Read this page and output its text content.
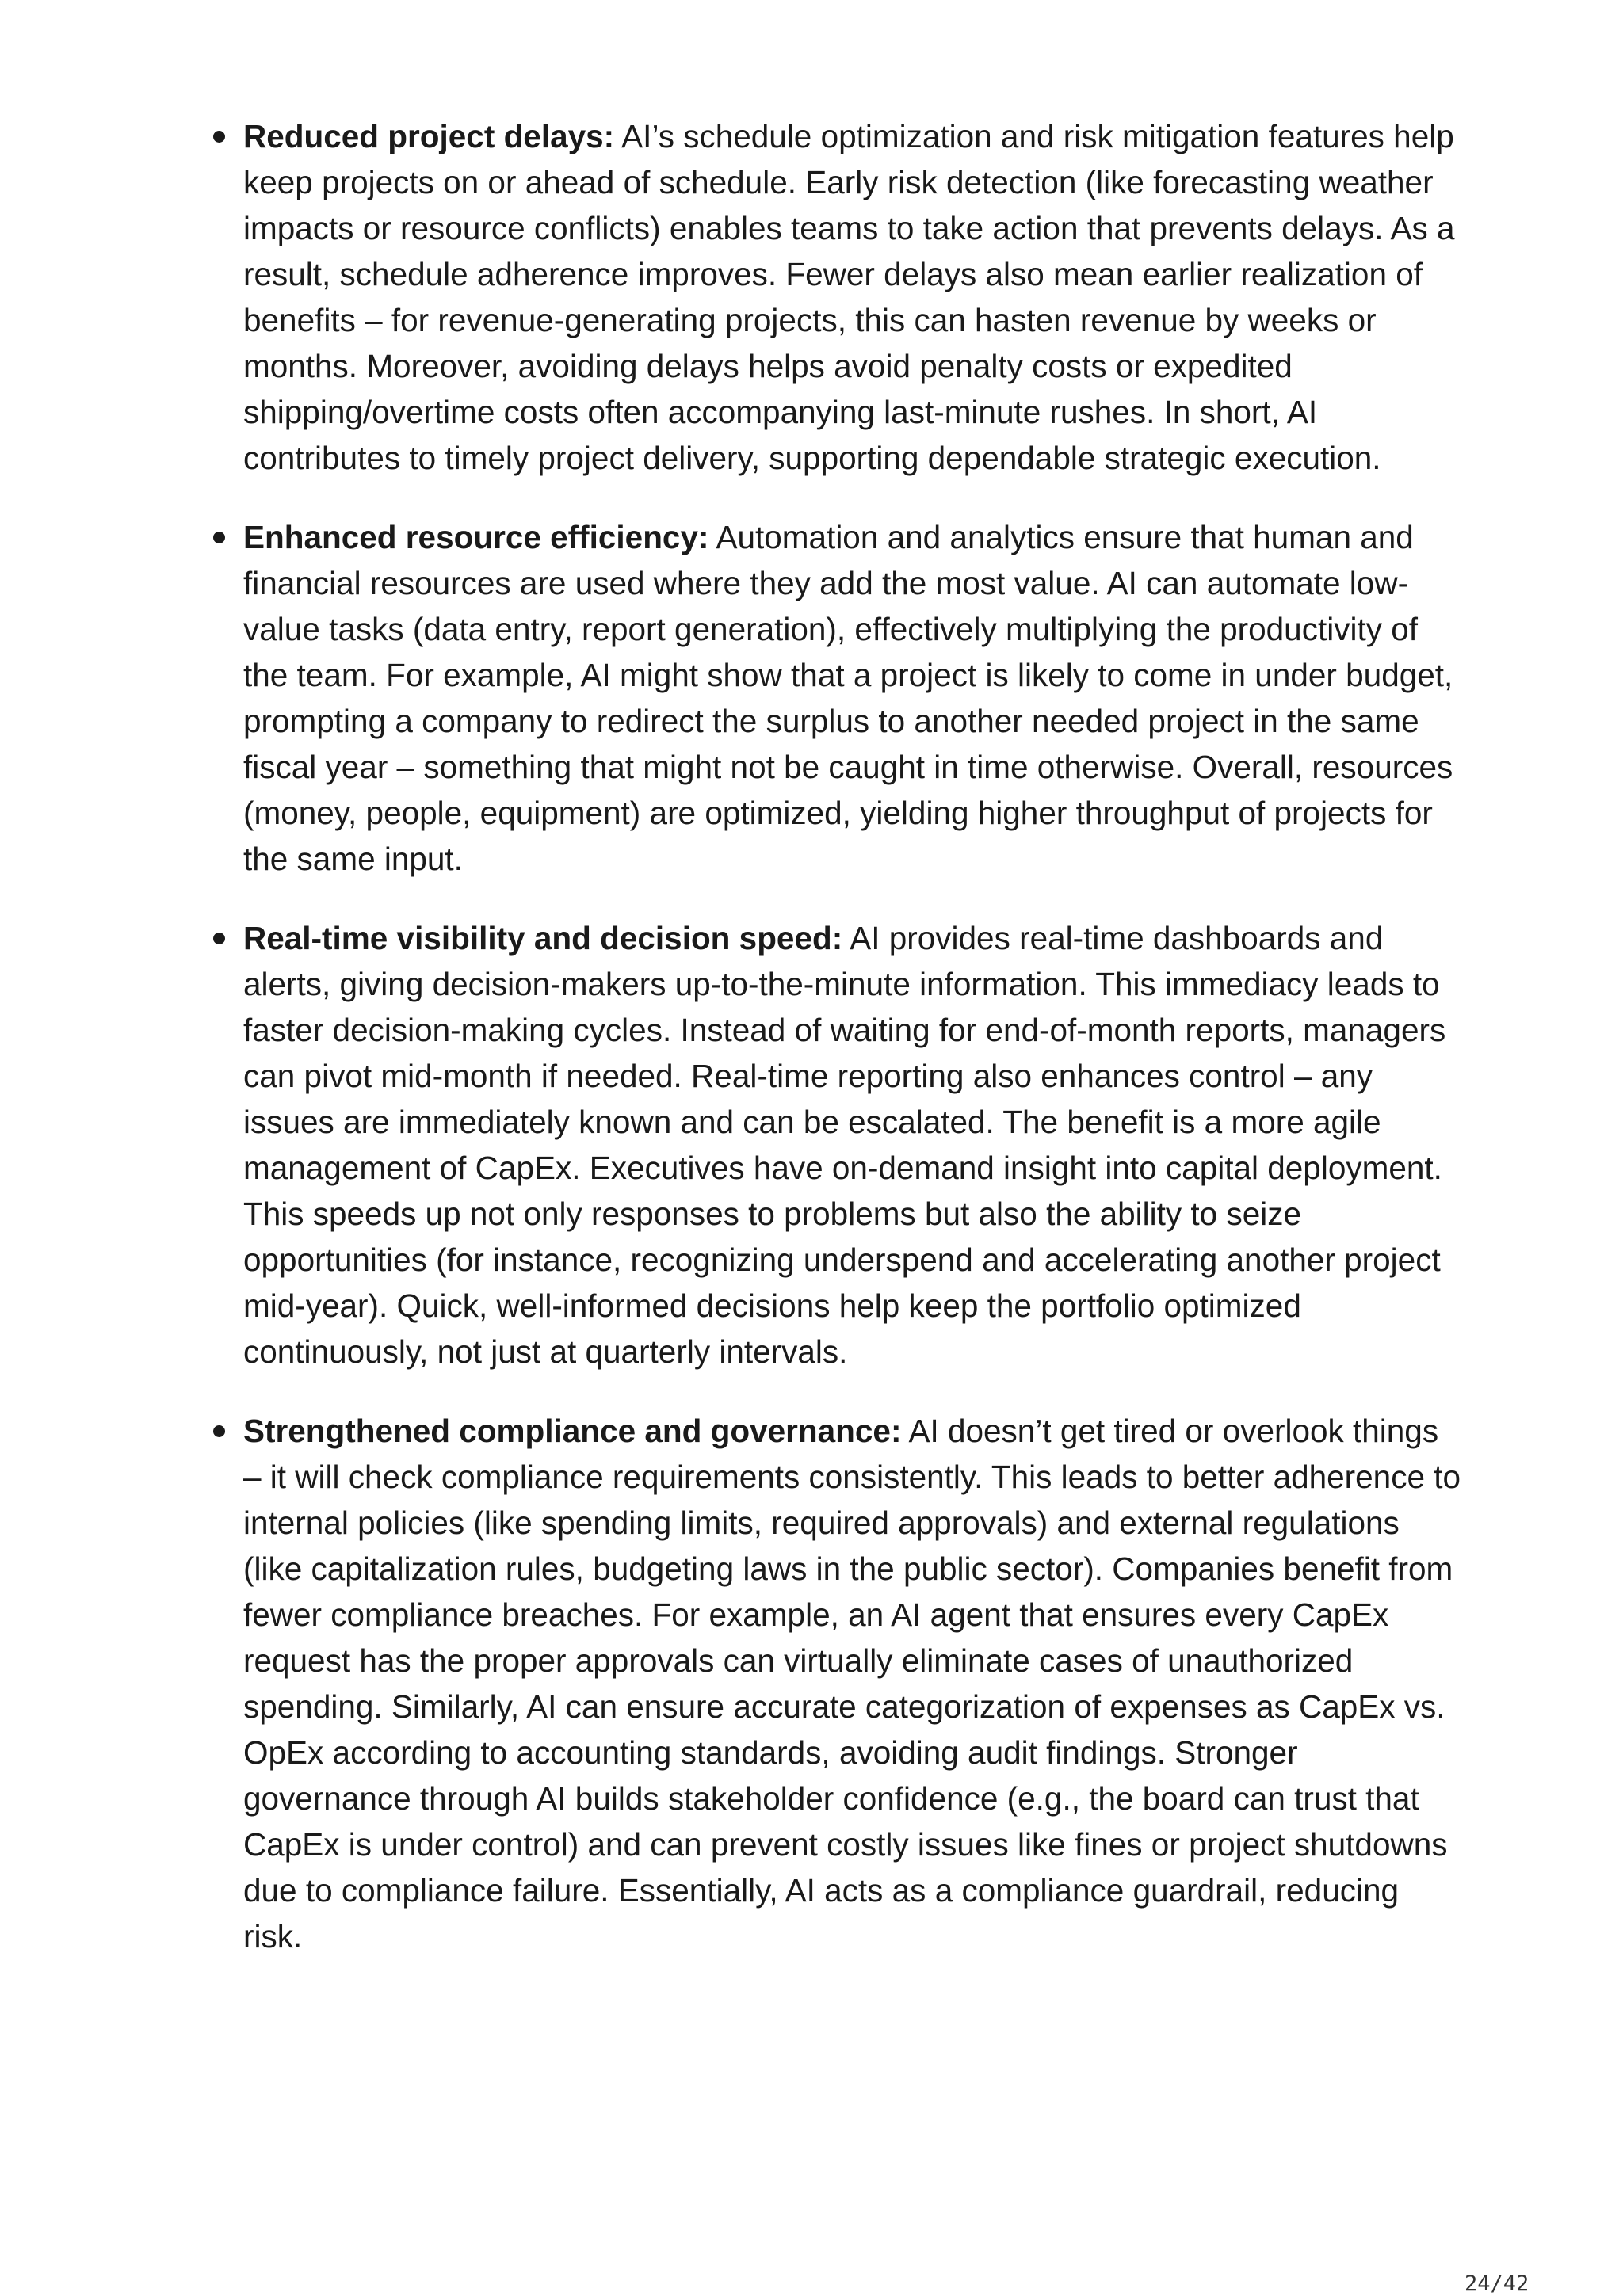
Reduced project delays: AI’s schedule optimization and risk mitigation features help keep projects on or ahead of schedule. Early risk detection (like forecasting weather impacts or resource conflicts) enables teams to take action that prevents delays. As a result, schedule adherence improves. Fewer delays also mean earlier realization of benefits – for revenue-generating projects, this can hasten revenue by weeks or months. Moreover, avoiding delays helps avoid penalty costs or expedited shipping/overtime costs often accompanying last-minute rushes. In short, AI contributes to timely project delivery, supporting dependable strategic execution.
Enhanced resource efficiency: Automation and analytics ensure that human and financial resources are used where they add the most value. AI can automate low-value tasks (data entry, report generation), effectively multiplying the productivity of the team. For example, AI might show that a project is likely to come in under budget, prompting a company to redirect the surplus to another needed project in the same fiscal year – something that might not be caught in time otherwise. Overall, resources (money, people, equipment) are optimized, yielding higher throughput of projects for the same input.
Real-time visibility and decision speed: AI provides real-time dashboards and alerts, giving decision-makers up-to-the-minute information. This immediacy leads to faster decision-making cycles. Instead of waiting for end-of-month reports, managers can pivot mid-month if needed. Real-time reporting also enhances control – any issues are immediately known and can be escalated. The benefit is a more agile management of CapEx. Executives have on-demand insight into capital deployment. This speeds up not only responses to problems but also the ability to seize opportunities (for instance, recognizing underspend and accelerating another project mid-year). Quick, well-informed decisions help keep the portfolio optimized continuously, not just at quarterly intervals.
Strengthened compliance and governance: AI doesn’t get tired or overlook things – it will check compliance requirements consistently. This leads to better adherence to internal policies (like spending limits, required approvals) and external regulations (like capitalization rules, budgeting laws in the public sector). Companies benefit from fewer compliance breaches. For example, an AI agent that ensures every CapEx request has the proper approvals can virtually eliminate cases of unauthorized spending. Similarly, AI can ensure accurate categorization of expenses as CapEx vs. OpEx according to accounting standards, avoiding audit findings. Stronger governance through AI builds stakeholder confidence (e.g., the board can trust that CapEx is under control) and can prevent costly issues like fines or project shutdowns due to compliance failure. Essentially, AI acts as a compliance guardrail, reducing risk.
24/42
